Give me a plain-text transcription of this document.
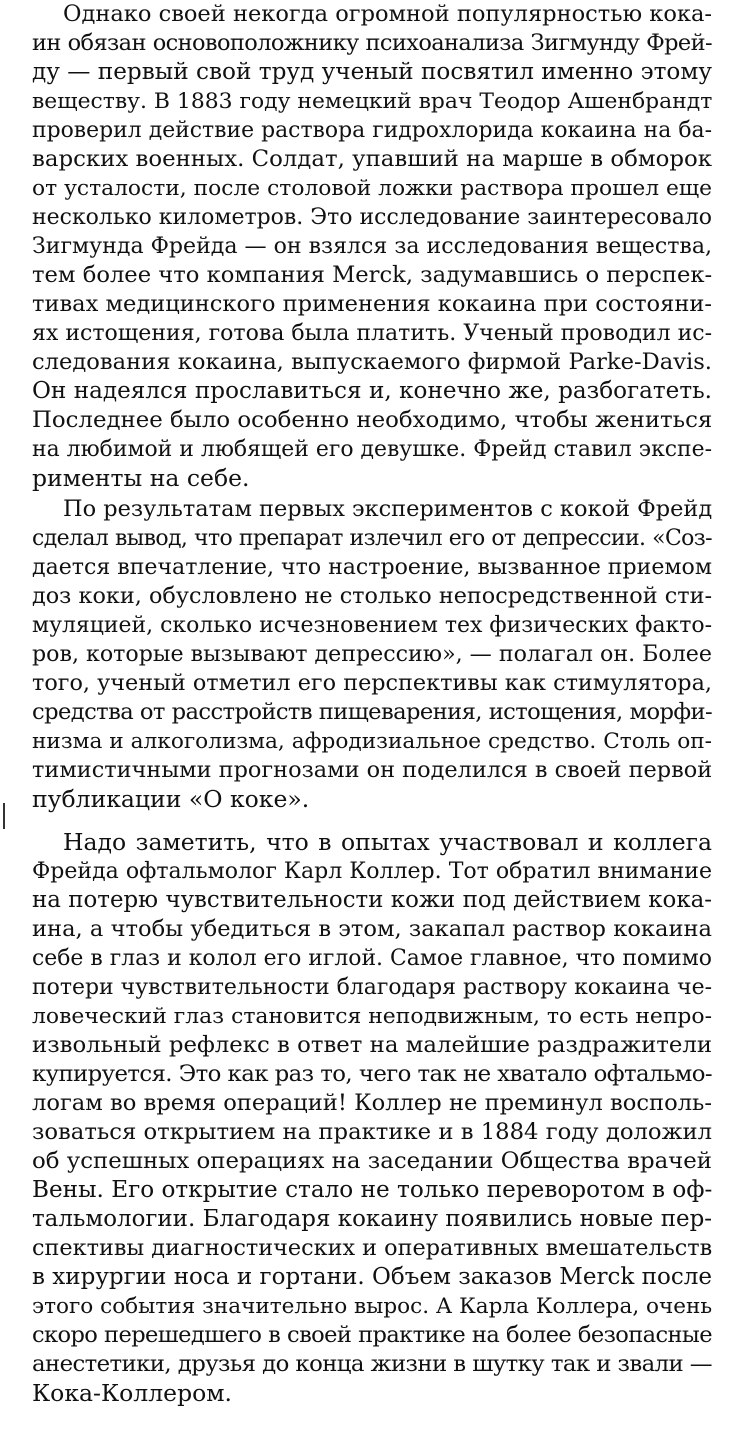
Однако своей некогда огромной популярностью кока-
ин обязан основоположнику психоанализа Зигмунду Фрей-
ду — первый свой труд ученый посвятил именно этому
веществу. В 1883 году немецкий врач Теодор Ашенбрандт
проверил действие раствора гидрохлорида кокаина на ба-
варских военных. Солдат, упавший на марше в обморок
от усталости, после столовой ложки раствора прошел еще
несколько километров. Это исследование заинтересовало
Зигмунда Фрейда — он взялся за исследования вещества,
тем более что компания Merck, задумавшись о перспек-
тивах медицинского применения кокаина при состояни-
ях истощения, готова была платить. Ученый проводил ис-
следования кокаина, выпускаемого фирмой Parke-Davis.
Он надеялся прославиться и, конечно же, разбогатеть.
Последнее было особенно необходимо, чтобы жениться
на любимой и любящей его девушке. Фрейд ставил экспе-
рименты на себе.

По результатам первых экспериментов с кокой Фрейд
сделал вывод, что препарат излечил его от депрессии. «Соз-
дается впечатление, что настроение, вызванное приемом
доз коки, обусловлено не столько непосредственной сти-
муляцией, сколько исчезновением тех физических факто-
ров, которые вызывают депрессию», — полагал он. Более
того, ученый отметил его перспективы как стимулятора,
средства от расстройств пищеварения, истощения, морфи-
низма и алкоголизма, афродизиальное средство. Столь оп-
тимистичными прогнозами он поделился в своей первой
публикации «О коке».

Надо заметить, что в опытах участвовал и коллега
Фрейда офтальмолог Карл Коллер. Тот обратил внимание
на потерю чувствительности кожи под действием кока-
ина, а чтобы убедиться в этом, закапал раствор кокаина
себе в глаз и колол его иглой. Самое главное, что помимо
потери чувствительности благодаря раствору кокаина че-
ловеческий глаз становится неподвижным, то есть непро-
извольный рефлекс в ответ на малейшие раздражители
купируется. Это как раз то, чего так не хватало офтальмо-
логам во время операций! Коллер не преминул восполь-
зоваться открытием на практике и в 1884 году доложил
об успешных операциях на заседании Общества врачей
Вены. Его открытие стало не только переворотом в оф-
тальмологии. Благодаря кокаину появились новые пер-
спективы диагностических и оперативных вмешательств
в хирургии носа и гортани. Объем заказов Merck после
этого события значительно вырос. А Карла Коллера, очень
скоро перешедшего в своей практике на более безопасные
анестетики, друзья до конца жизни в шутку так и звали —
Кока-Коллером.
